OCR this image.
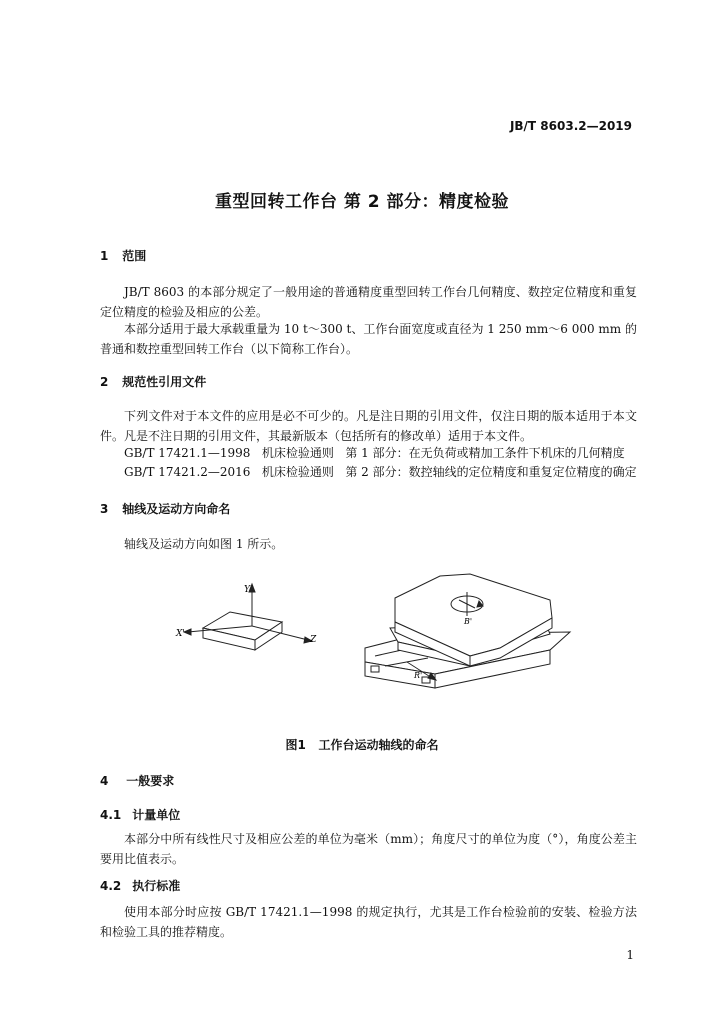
JB/T 8603.2—2019
重型回转工作台 第 2 部分：精度检验
1 范围
JB/T 8603 的本部分规定了一般用途的普通精度重型回转工作台几何精度、数控定位精度和重复定位精度的检验及相应的公差。
本部分适用于最大承载重量为 10 t～300 t、工作台面宽度或直径为 1 250 mm～6 000 mm 的普通和数控重型回转工作台（以下简称工作台）。
2 规范性引用文件
下列文件对于本文件的应用是必不可少的。凡是注日期的引用文件，仅注日期的版本适用于本文件。凡是不注日期的引用文件，其最新版本（包括所有的修改单）适用于本文件。
GB/T 17421.1—1998   机床检验通则   第 1 部分：在无负荷或精加工条件下机床的几何精度
GB/T 17421.2—2016   机床检验通则   第 2 部分：数控轴线的定位精度和重复定位精度的确定
3 轴线及运动方向命名
轴线及运动方向如图 1 所示。
Y
X'
Z
B'
R'
图1 工作台运动轴线的命名
4 一般要求
4.1 计量单位
本部分中所有线性尺寸及相应公差的单位为毫米（mm）；角度尺寸的单位为度（°），角度公差主要用比值表示。
4.2 执行标准
使用本部分时应按 GB/T 17421.1—1998 的规定执行，尤其是工作台检验前的安装、检验方法和检验工具的推荐精度。
1
